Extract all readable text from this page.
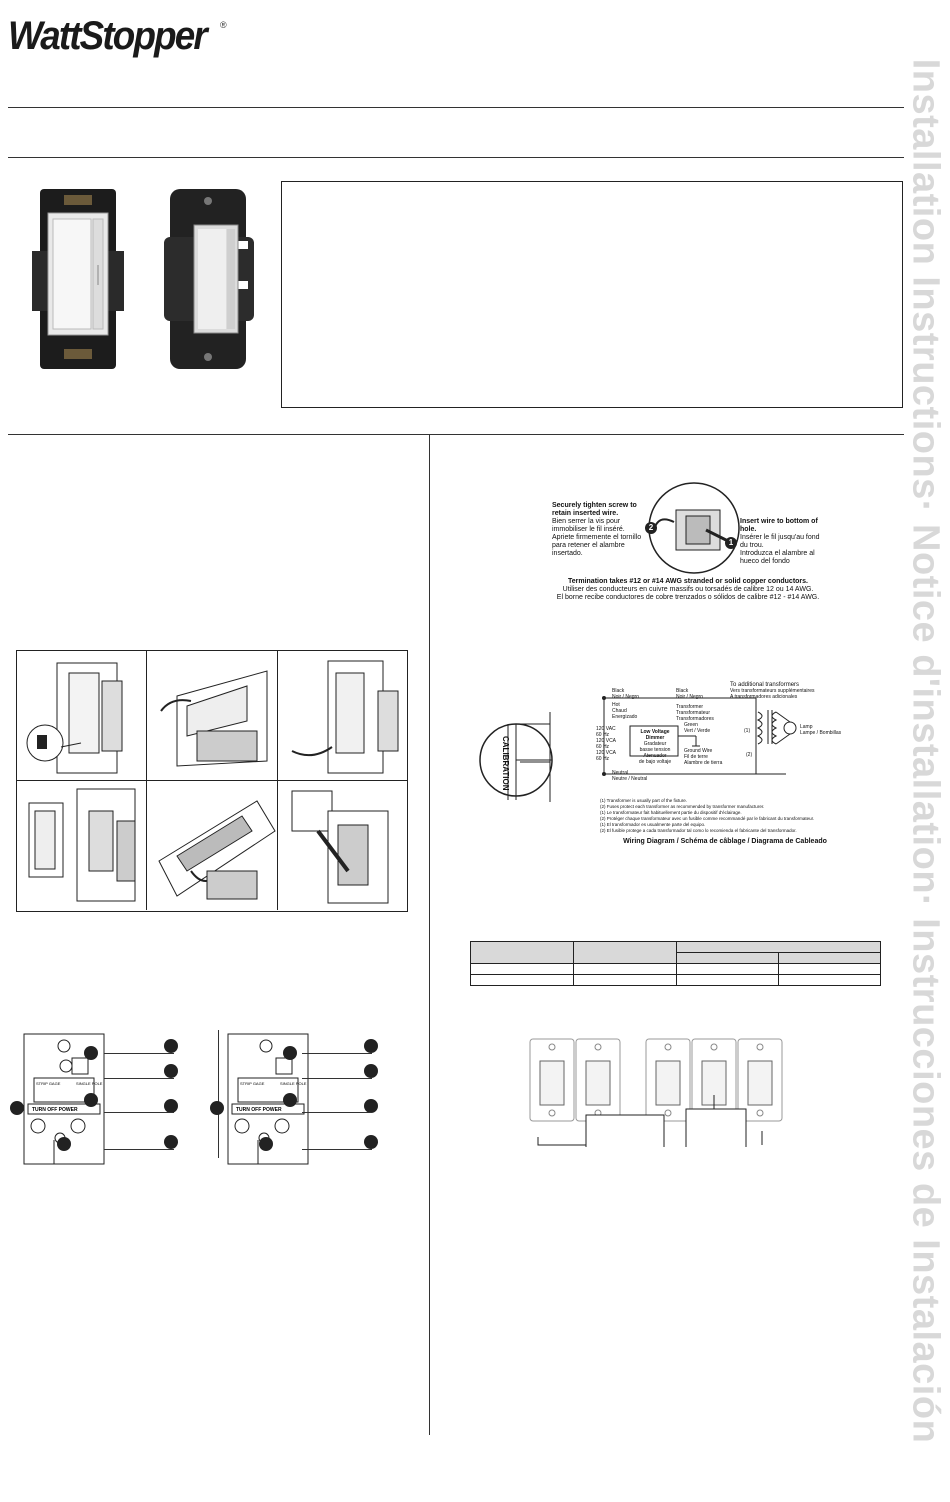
WattStopper ®
Installation Instructions· Notice d'installation· Instrucciones de Instalación
STRIP GAGE	SINGLE POLE
TURN OFF POWER
STRIP GAGE	SINGLE POLE
TURN OFF POWER
2
1
Securely tighten screw to retain inserted wire.
Bien serrer la vis pour immobiliser le fil inséré.
Apriete firmemente el tornillo para retener el alambre insertado.
Insert wire to bottom of hole.
Insérer le fil jusqu'au fond du trou.
Introduzca el alambre al hueco del fondo
Termination takes #12 or #14 AWG stranded or solid copper conductors.
Utiliser des conducteurs en cuivre massifs ou torsadés de calibre 12 ou 14 AWG.
El borne recibe conductores de cobre trenzados o sólidos de calibre #12 - #14 AWG.
CALIBRATION
Black
Noir / Negro
Hot
Chaud
Energizado
Black
Noir / Negro
To additional transformers
Vers transformateurs supplémentaires
A transformadores adicionales
Transformer
Transformateur
Transformadores
120 VAC
60 Hz
120 VCA
60 Hz
120 VCA
60 Hz
Low Voltage Dimmer
Gradateur
basse tension
Atenuador
de bajo voltaje
Green
Vert / Verde
Ground Wire
Fil de terre
Alambre de tierra
Lamp
Lampe / Bombillas
(1)
(2)
Neutral
Neutre / Neutral
(1) Transformer is usually part of the fixture.
(2) Fuses protect each transformer as recommended by transformer manufacturer.
(1) Le transformateur fait habituellement partie du dispositif d'éclairage.
(2) Protéger chaque transformateur avec un fusible comme recommandé par le fabricant du transformateur.
(1) El transformador es usualmente parte del equipo.
(2) El fusible protege a cada transformador tal como lo recomienda el fabricante del transformador.
Wiring Diagram / Schéma de câblage / Diagrama de Cableado
